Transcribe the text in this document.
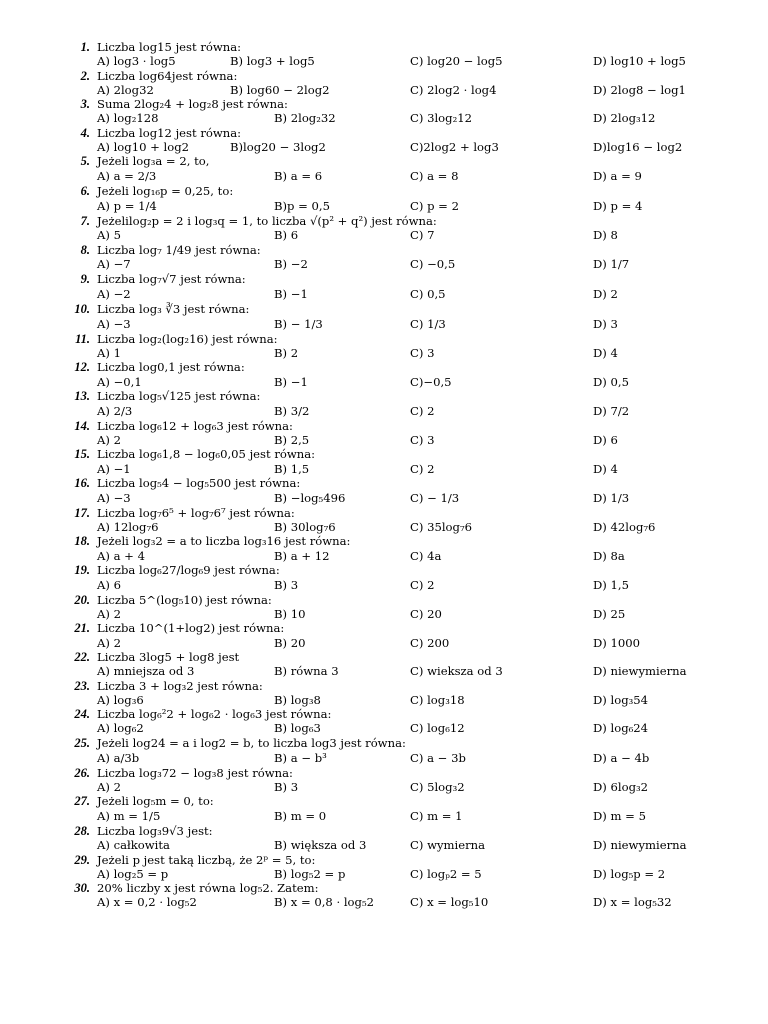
1. Liczba log15 jest równa:
A) log3 · log5	B) log3 + log5	C) log20 − log5	D) log10 + log5
2. Liczba log64jest równa:
A) 2log32	B) log60 − 2log2	C) 2log2 · log4	D) 2log8 − log1
3. Suma 2log₂4 + log₂8 jest równa:
A) log₂128	B) 2log₂32	C) 3log₂12	D) 2log₃12
4. Liczba log12 jest równa:
A) log10 + log2	B)log20 − 3log2	C)2log2 + log3	D)log16 − log2
5. Jeżeli log₃a = 2, to,
A) a = 2/3	B) a = 6	C) a = 8	D) a = 9
6. Jeżeli log₁₆p = 0,25, to:
A) p = 1/4	B)p = 0,5	C) p = 2	D) p = 4
7. Jeżelilog₂p = 2 i log₃q = 1, to liczba √(p² + q²) jest równa:
A) 5	B) 6	C) 7	D) 8
8. Liczba log₇ 1/49 jest równa:
A) −7	B) −2	C) −0,5	D) 1/7
9. Liczba log₇√7 jest równa:
A) −2	B) −1	C) 0,5	D) 2
10. Liczba log₃ ∛3 jest równa:
A) −3	B) − 1/3	C) 1/3	D) 3
11. Liczba log₂(log₂16) jest równa:
A) 1	B) 2	C) 3	D) 4
12. Liczba log0,1 jest równa:
A) −0,1	B) −1	C)−0,5	D) 0,5
13. Liczba log₅√125 jest równa:
A) 2/3	B) 3/2	C) 2	D) 7/2
14. Liczba log₆12 + log₆3 jest równa:
A) 2	B) 2,5	C) 3	D) 6
15. Liczba log₆1,8 − log₆0,05 jest równa:
A) −1	B) 1,5	C) 2	D) 4
16. Liczba log₅4 − log₅500 jest równa:
A) −3	B) −log₅496	C) − 1/3	D) 1/3
17. Liczba log₇6⁵ + log₇6⁷ jest równa:
A) 12log₇6	B) 30log₇6	C) 35log₇6	D) 42log₇6
18. Jeżeli log₃2 = a to liczba log₃16 jest równa:
A) a + 4	B) a + 12	C) 4a	D) 8a
19. Liczba log₆27/log₆9 jest równa:
A) 6	B) 3	C) 2	D) 1,5
20. Liczba 5^(log₅10) jest równa:
A) 2	B) 10	C) 20	D) 25
21. Liczba 10^(1+log2) jest równa:
A) 2	B) 20	C) 200	D) 1000
22. Liczba 3log5 + log8 jest
A) mniejsza od 3	B) równa 3	C) wieksza od 3	D) niewymierna
23. Liczba 3 + log₃2 jest równa:
A) log₃6	B) log₃8	C) log₃18	D) log₃54
24. Liczba log₆²2 + log₆2 · log₆3 jest równa:
A) log₆2	B) log₆3	C) log₆12	D) log₆24
25. Jeżeli log24 = a i log2 = b, to liczba log3 jest równa:
A) a/3b	B) a − b³	C) a − 3b	D) a − 4b
26. Liczba log₃72 − log₃8 jest równa:
A) 2	B) 3	C) 5log₃2	D) 6log₃2
27. Jeżeli log₅m = 0, to:
A) m = 1/5	B) m = 0	C) m = 1	D) m = 5
28. Liczba log₃9√3 jest:
A) całkowita	B) większa od 3	C) wymierna	D) niewymierna
29. Jeżeli p jest taką liczbą, że 2ᵖ = 5, to:
A) log₂5 = p	B) log₅2 = p	C) logₚ2 = 5	D) log₅p = 2
30. 20% liczby x jest równa log₅2. Zatem:
A) x = 0,2 · log₅2	B) x = 0,8 · log₅2	C) x = log₅10	D) x = log₅32
